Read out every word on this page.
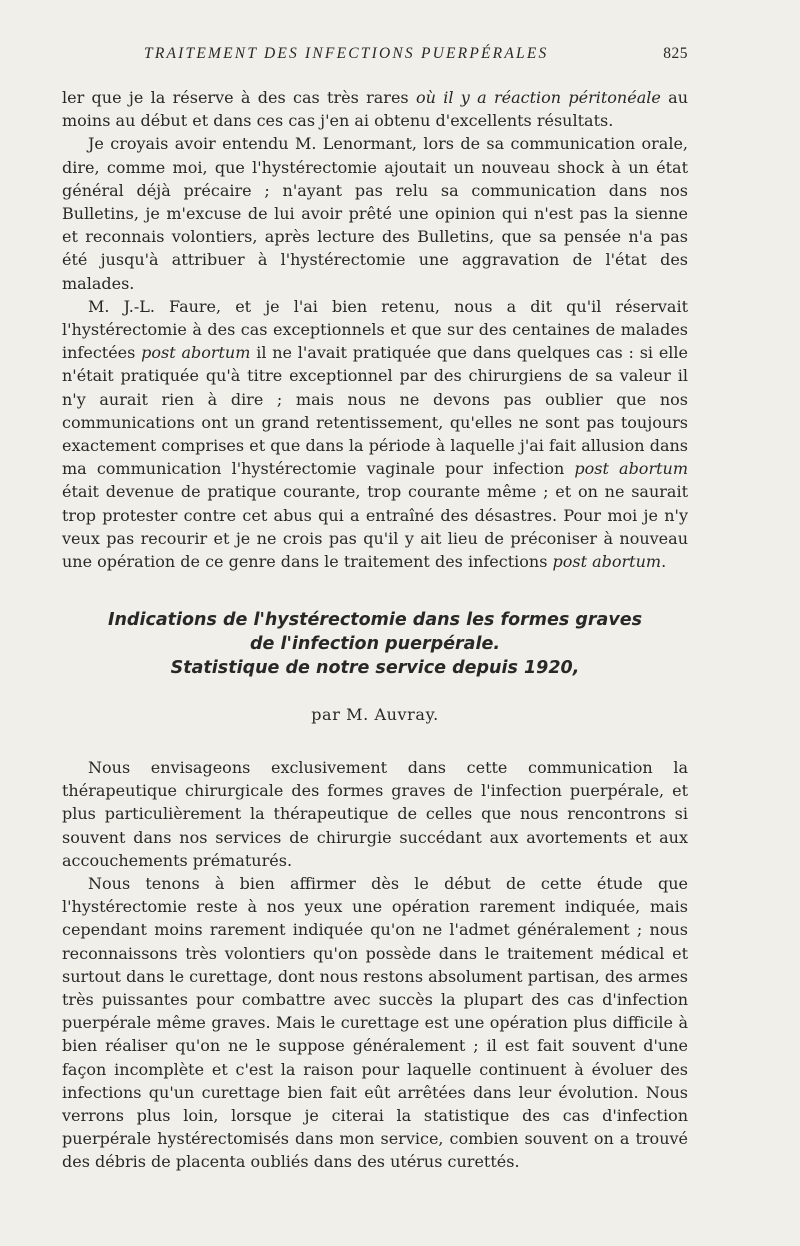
TRAITEMENT DES INFECTIONS PUERPÉRALES	825

ler que je la réserve à des cas très rares où il y a réaction péritonéale au moins au début et dans ces cas j'en ai obtenu d'excellents résultats.

Je croyais avoir entendu M. Lenormant, lors de sa communication orale, dire, comme moi, que l'hystérectomie ajoutait un nouveau shock à un état général déjà précaire ; n'ayant pas relu sa communication dans nos Bulletins, je m'excuse de lui avoir prêté une opinion qui n'est pas la sienne et reconnais volontiers, après lecture des Bulletins, que sa pensée n'a pas été jusqu'à attribuer à l'hystérectomie une aggravation de l'état des malades.

M. J.-L. Faure, et je l'ai bien retenu, nous a dit qu'il réservait l'hystérectomie à des cas exceptionnels et que sur des centaines de malades infectées post abortum il ne l'avait pratiquée que dans quelques cas : si elle n'était pratiquée qu'à titre exceptionnel par des chirurgiens de sa valeur il n'y aurait rien à dire ; mais nous ne devons pas oublier que nos communications ont un grand retentissement, qu'elles ne sont pas toujours exactement comprises et que dans la période à laquelle j'ai fait allusion dans ma communication l'hystérectomie vaginale pour infection post abortum était devenue de pratique courante, trop courante même ; et on ne saurait trop protester contre cet abus qui a entraîné des désastres. Pour moi je n'y veux pas recourir et je ne crois pas qu'il y ait lieu de préconiser à nouveau une opération de ce genre dans le traitement des infections post abortum.

Indications de l'hystérectomie dans les formes graves
de l'infection puerpérale.
Statistique de notre service depuis 1920,
par M. Auvray.

Nous envisageons exclusivement dans cette communication la thérapeutique chirurgicale des formes graves de l'infection puerpérale, et plus particulièrement la thérapeutique de celles que nous rencontrons si souvent dans nos services de chirurgie succédant aux avortements et aux accouchements prématurés.

Nous tenons à bien affirmer dès le début de cette étude que l'hystérectomie reste à nos yeux une opération rarement indiquée, mais cependant moins rarement indiquée qu'on ne l'admet généralement ; nous reconnaissons très volontiers qu'on possède dans le traitement médical et surtout dans le curettage, dont nous restons absolument partisan, des armes très puissantes pour combattre avec succès la plupart des cas d'infection puerpérale même graves. Mais le curettage est une opération plus difficile à bien réaliser qu'on ne le suppose généralement ; il est fait souvent d'une façon incomplète et c'est la raison pour laquelle continuent à évoluer des infections qu'un curettage bien fait eût arrêtées dans leur évolution. Nous verrons plus loin, lorsque je citerai la statistique des cas d'infection puerpérale hystérectomisés dans mon service, combien souvent on a trouvé des débris de placenta oubliés dans des utérus curettés.
